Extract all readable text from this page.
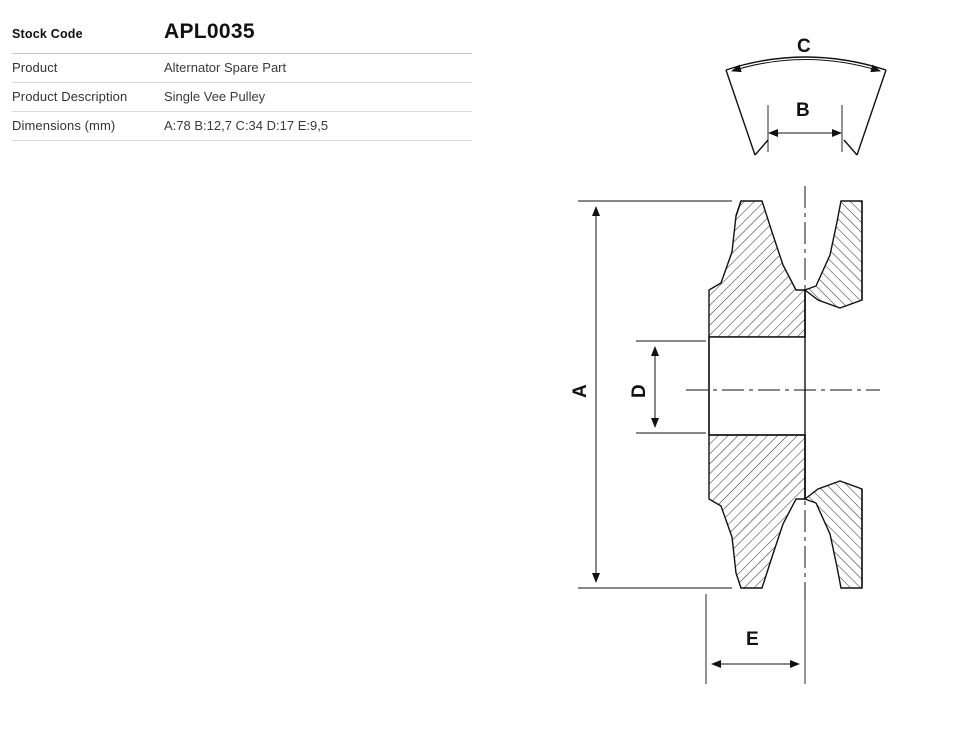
Stock Code	APL0035
Product	Alternator Spare Part
Product Description	Single Vee Pulley
Dimensions (mm)	A:78 B:12,7 C:34 D:17 E:9,5
C
B
A D
E
